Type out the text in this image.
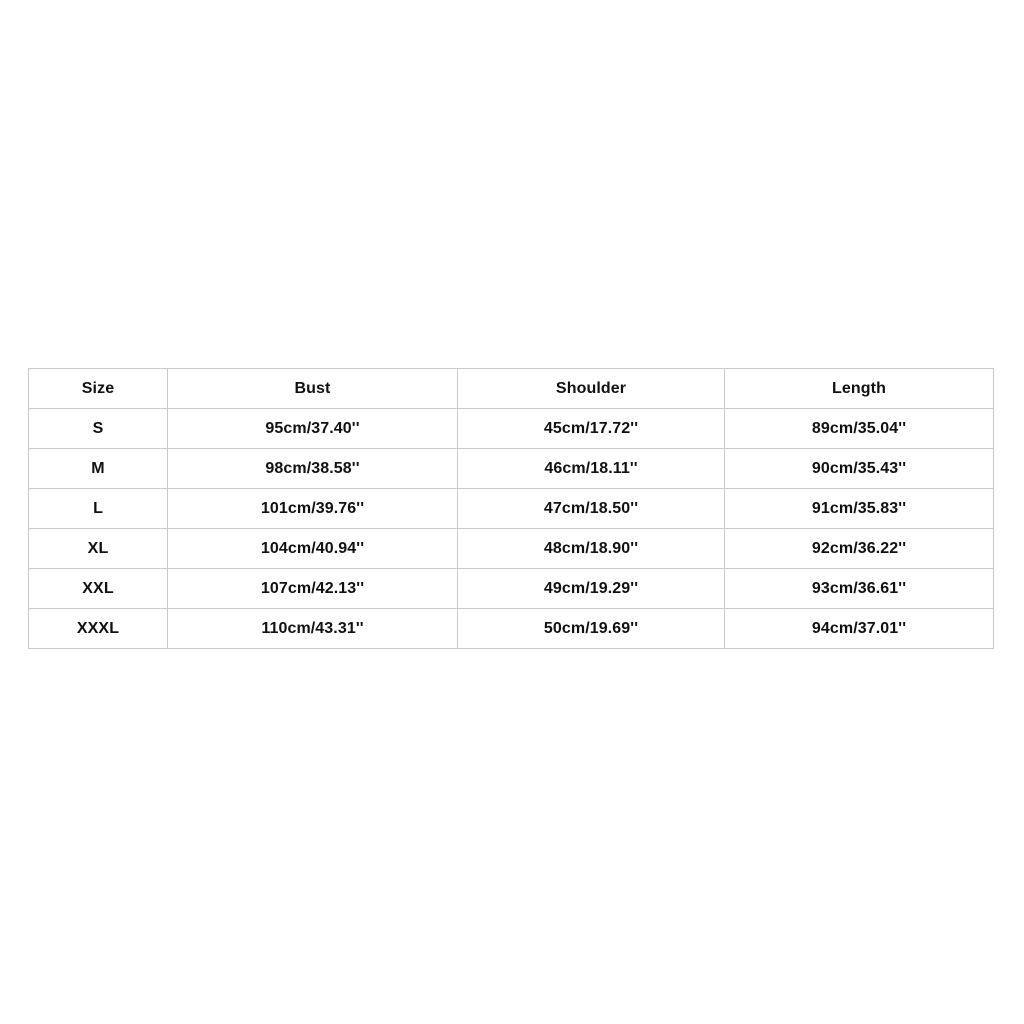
Size	Bust	Shoulder	Length
S	95cm/37.40''	45cm/17.72''	89cm/35.04''
M	98cm/38.58''	46cm/18.11''	90cm/35.43''
L	101cm/39.76''	47cm/18.50''	91cm/35.83''
XL	104cm/40.94''	48cm/18.90''	92cm/36.22''
XXL	107cm/42.13''	49cm/19.29''	93cm/36.61''
XXXL	110cm/43.31''	50cm/19.69''	94cm/37.01''
